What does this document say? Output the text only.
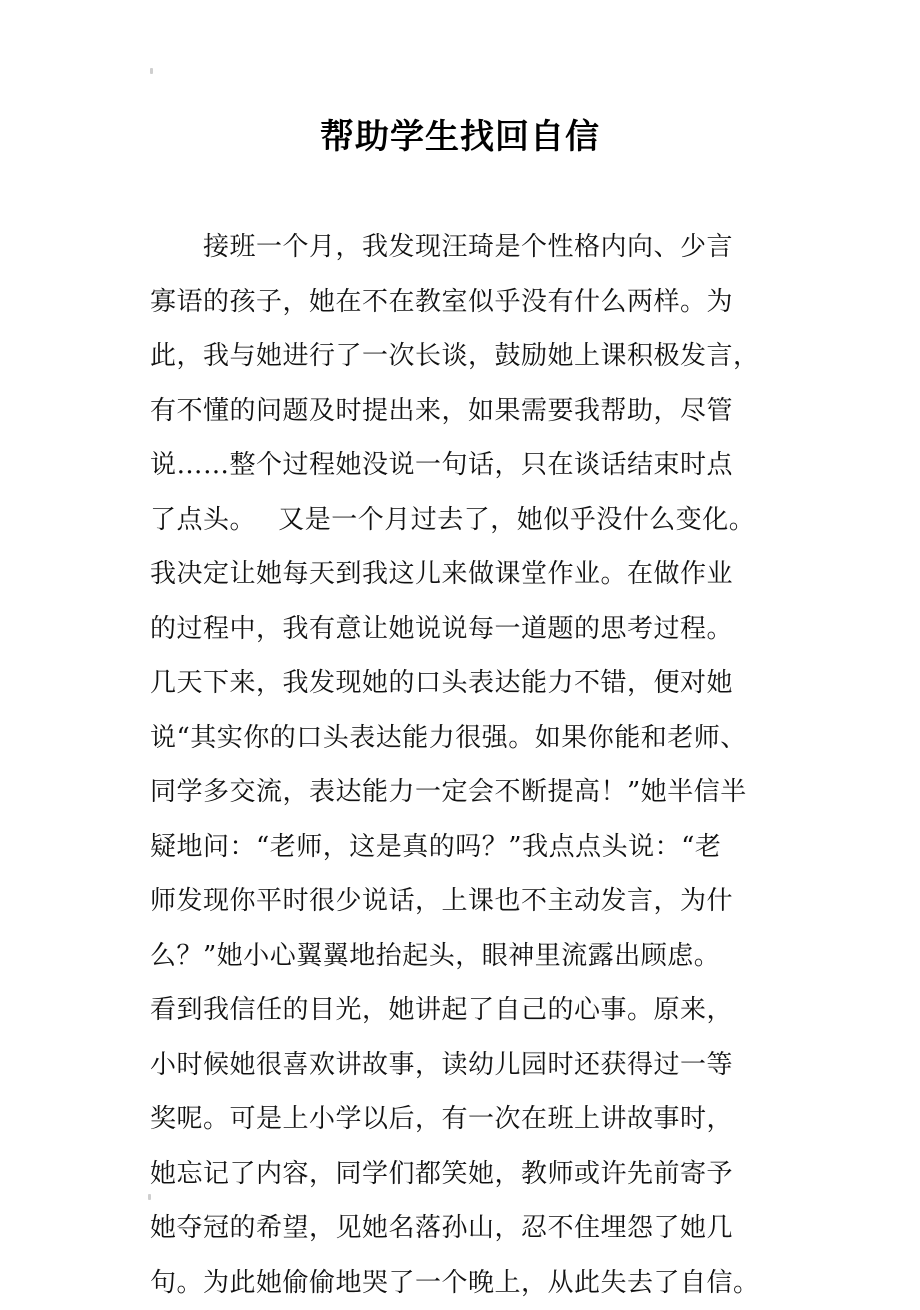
帮助学生找回自信
　　接班一个月，我发现汪琦是个性格内向、少言
寡语的孩子，她在不在教室似乎没有什么两样。为
此，我与她进行了一次长谈，鼓励她上课积极发言，
有不懂的问题及时提出来，如果需要我帮助，尽管
说……整个过程她没说一句话，只在谈话结束时点
了点头。　 又是一个月过去了，她似乎没什么变化。
我决定让她每天到我这儿来做课堂作业。在做作业
的过程中，我有意让她说说每一道题的思考过程。
几天下来，我发现她的口头表达能力不错，便对她
说“其实你的口头表达能力很强。如果你能和老师、
同学多交流，表达能力一定会不断提高！”她半信半
疑地问：“老师，这是真的吗？”我点点头说：“老
师发现你平时很少说话，上课也不主动发言，为什
么？”她小心翼翼地抬起头，眼神里流露出顾虑。
看到我信任的目光，她讲起了自己的心事。原来，
小时候她很喜欢讲故事，读幼儿园时还获得过一等
奖呢。可是上小学以后，有一次在班上讲故事时，
她忘记了内容，同学们都笑她，教师或许先前寄予
她夺冠的希望，见她名落孙山，忍不住埋怨了她几
句。为此她偷偷地哭了一个晚上，从此失去了自信。
